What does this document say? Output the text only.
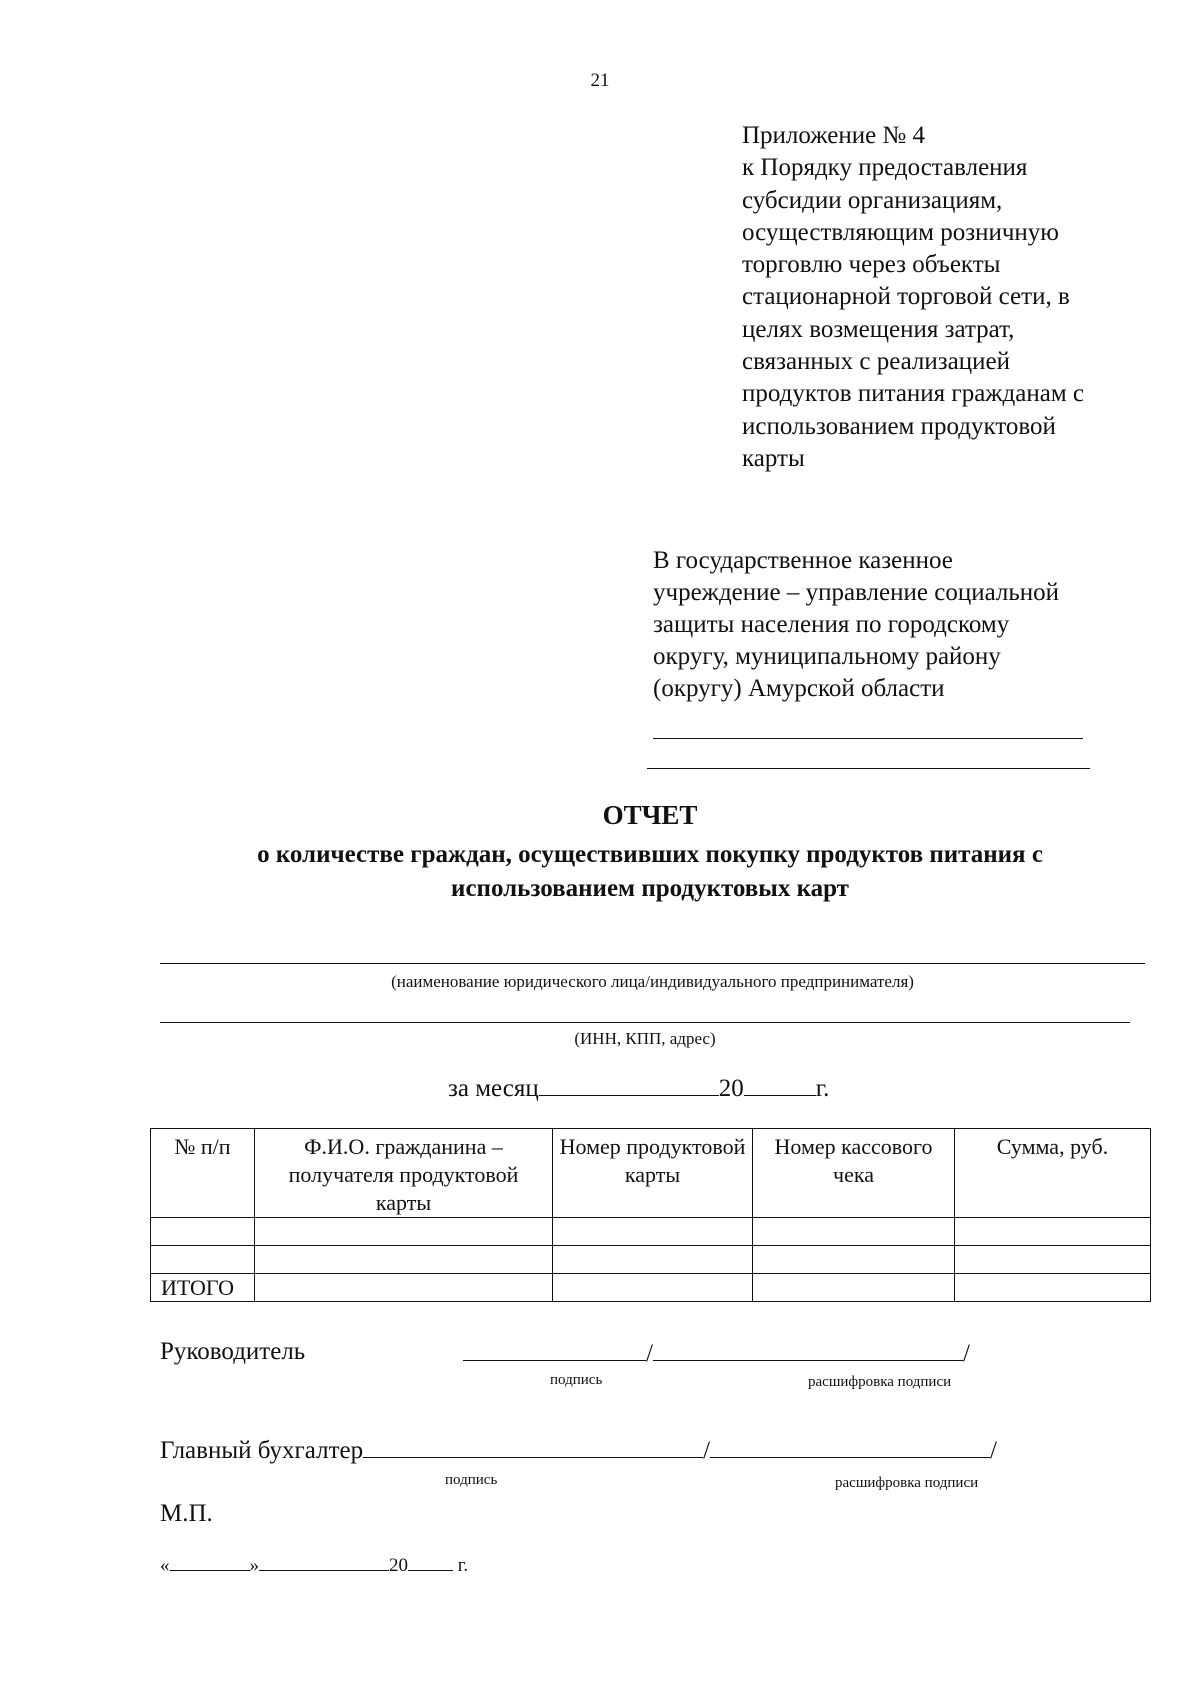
21
Приложение № 4
к Порядку предоставления
субсидии организациям,
осуществляющим розничную
торговлю через объекты
стационарной торговой сети, в
целях возмещения затрат,
связанных с реализацией
продуктов питания гражданам с
использованием продуктовой
карты
В государственное казенное
учреждение – управление социальной
защиты населения по городскому
округу, муниципальному району
(округу) Амурской области
ОТЧЕТ
о количестве граждан, осуществивших покупку продуктов питания с
использованием продуктовых карт
(наименование юридического лица/индивидуального предпринимателя)
(ИНН, КПП, адрес)
за месяц	20	г.
№ п/п	Ф.И.О. гражданина – получателя продуктовой карты	Номер продуктовой карты	Номер кассового чека	Сумма, руб.

ИТОГО				
Руководитель	/	/
подпись	расшифровка подписи
Главный бухгалтер	/	/
подпись	расшифровка подписи
М.П.
«	»	20	г.
